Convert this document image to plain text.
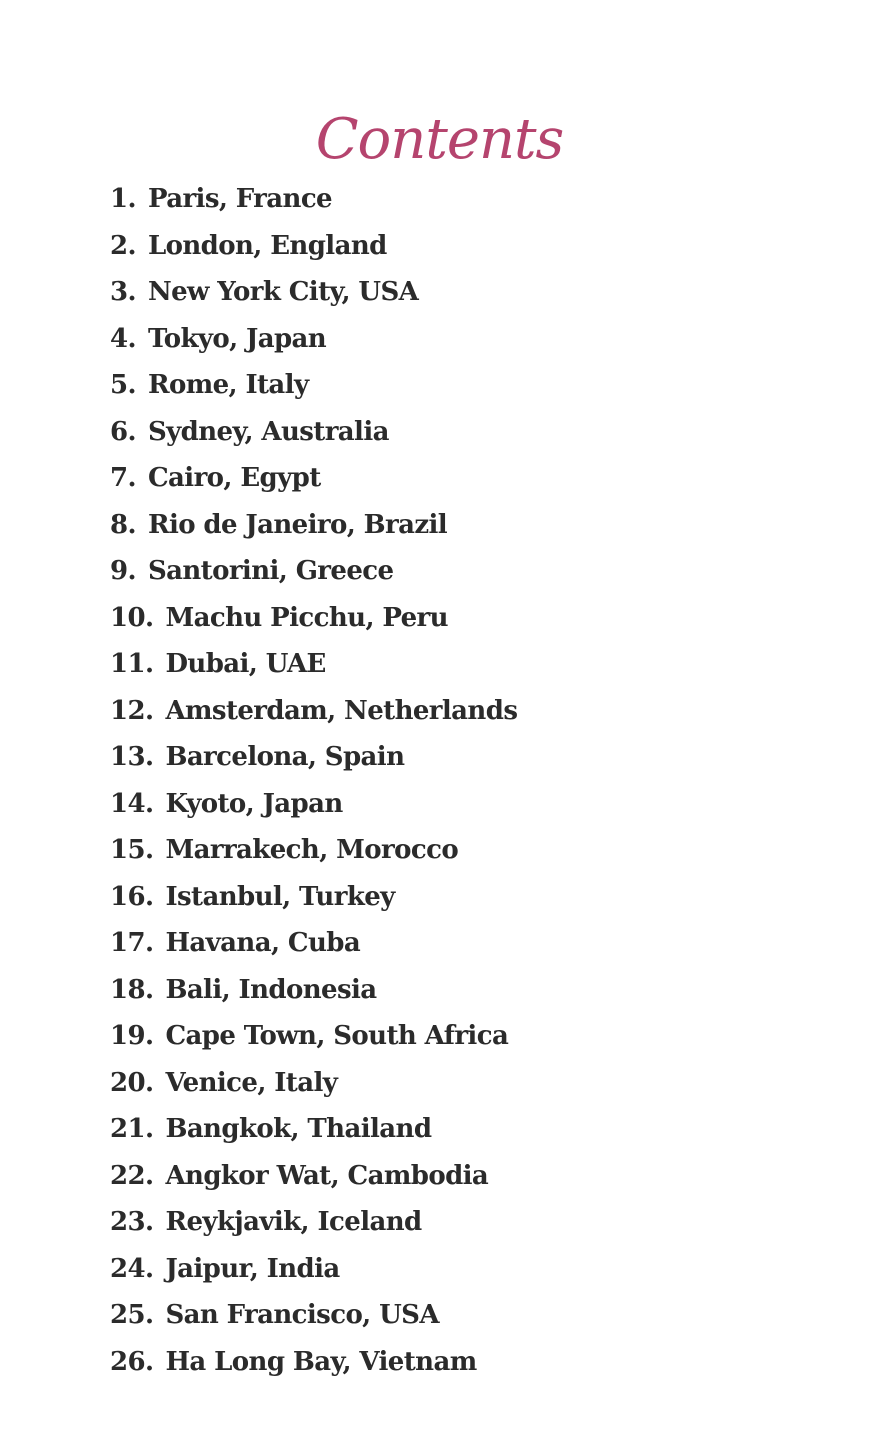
Contents
1. Paris, France
2. London, England
3. New York City, USA
4. Tokyo, Japan
5. Rome, Italy
6. Sydney, Australia
7. Cairo, Egypt
8. Rio de Janeiro, Brazil
9. Santorini, Greece
10. Machu Picchu, Peru
11. Dubai, UAE
12. Amsterdam, Netherlands
13. Barcelona, Spain
14. Kyoto, Japan
15. Marrakech, Morocco
16. Istanbul, Turkey
17. Havana, Cuba
18. Bali, Indonesia
19. Cape Town, South Africa
20. Venice, Italy
21. Bangkok, Thailand
22. Angkor Wat, Cambodia
23. Reykjavik, Iceland
24. Jaipur, India
25. San Francisco, USA
26. Ha Long Bay, Vietnam
